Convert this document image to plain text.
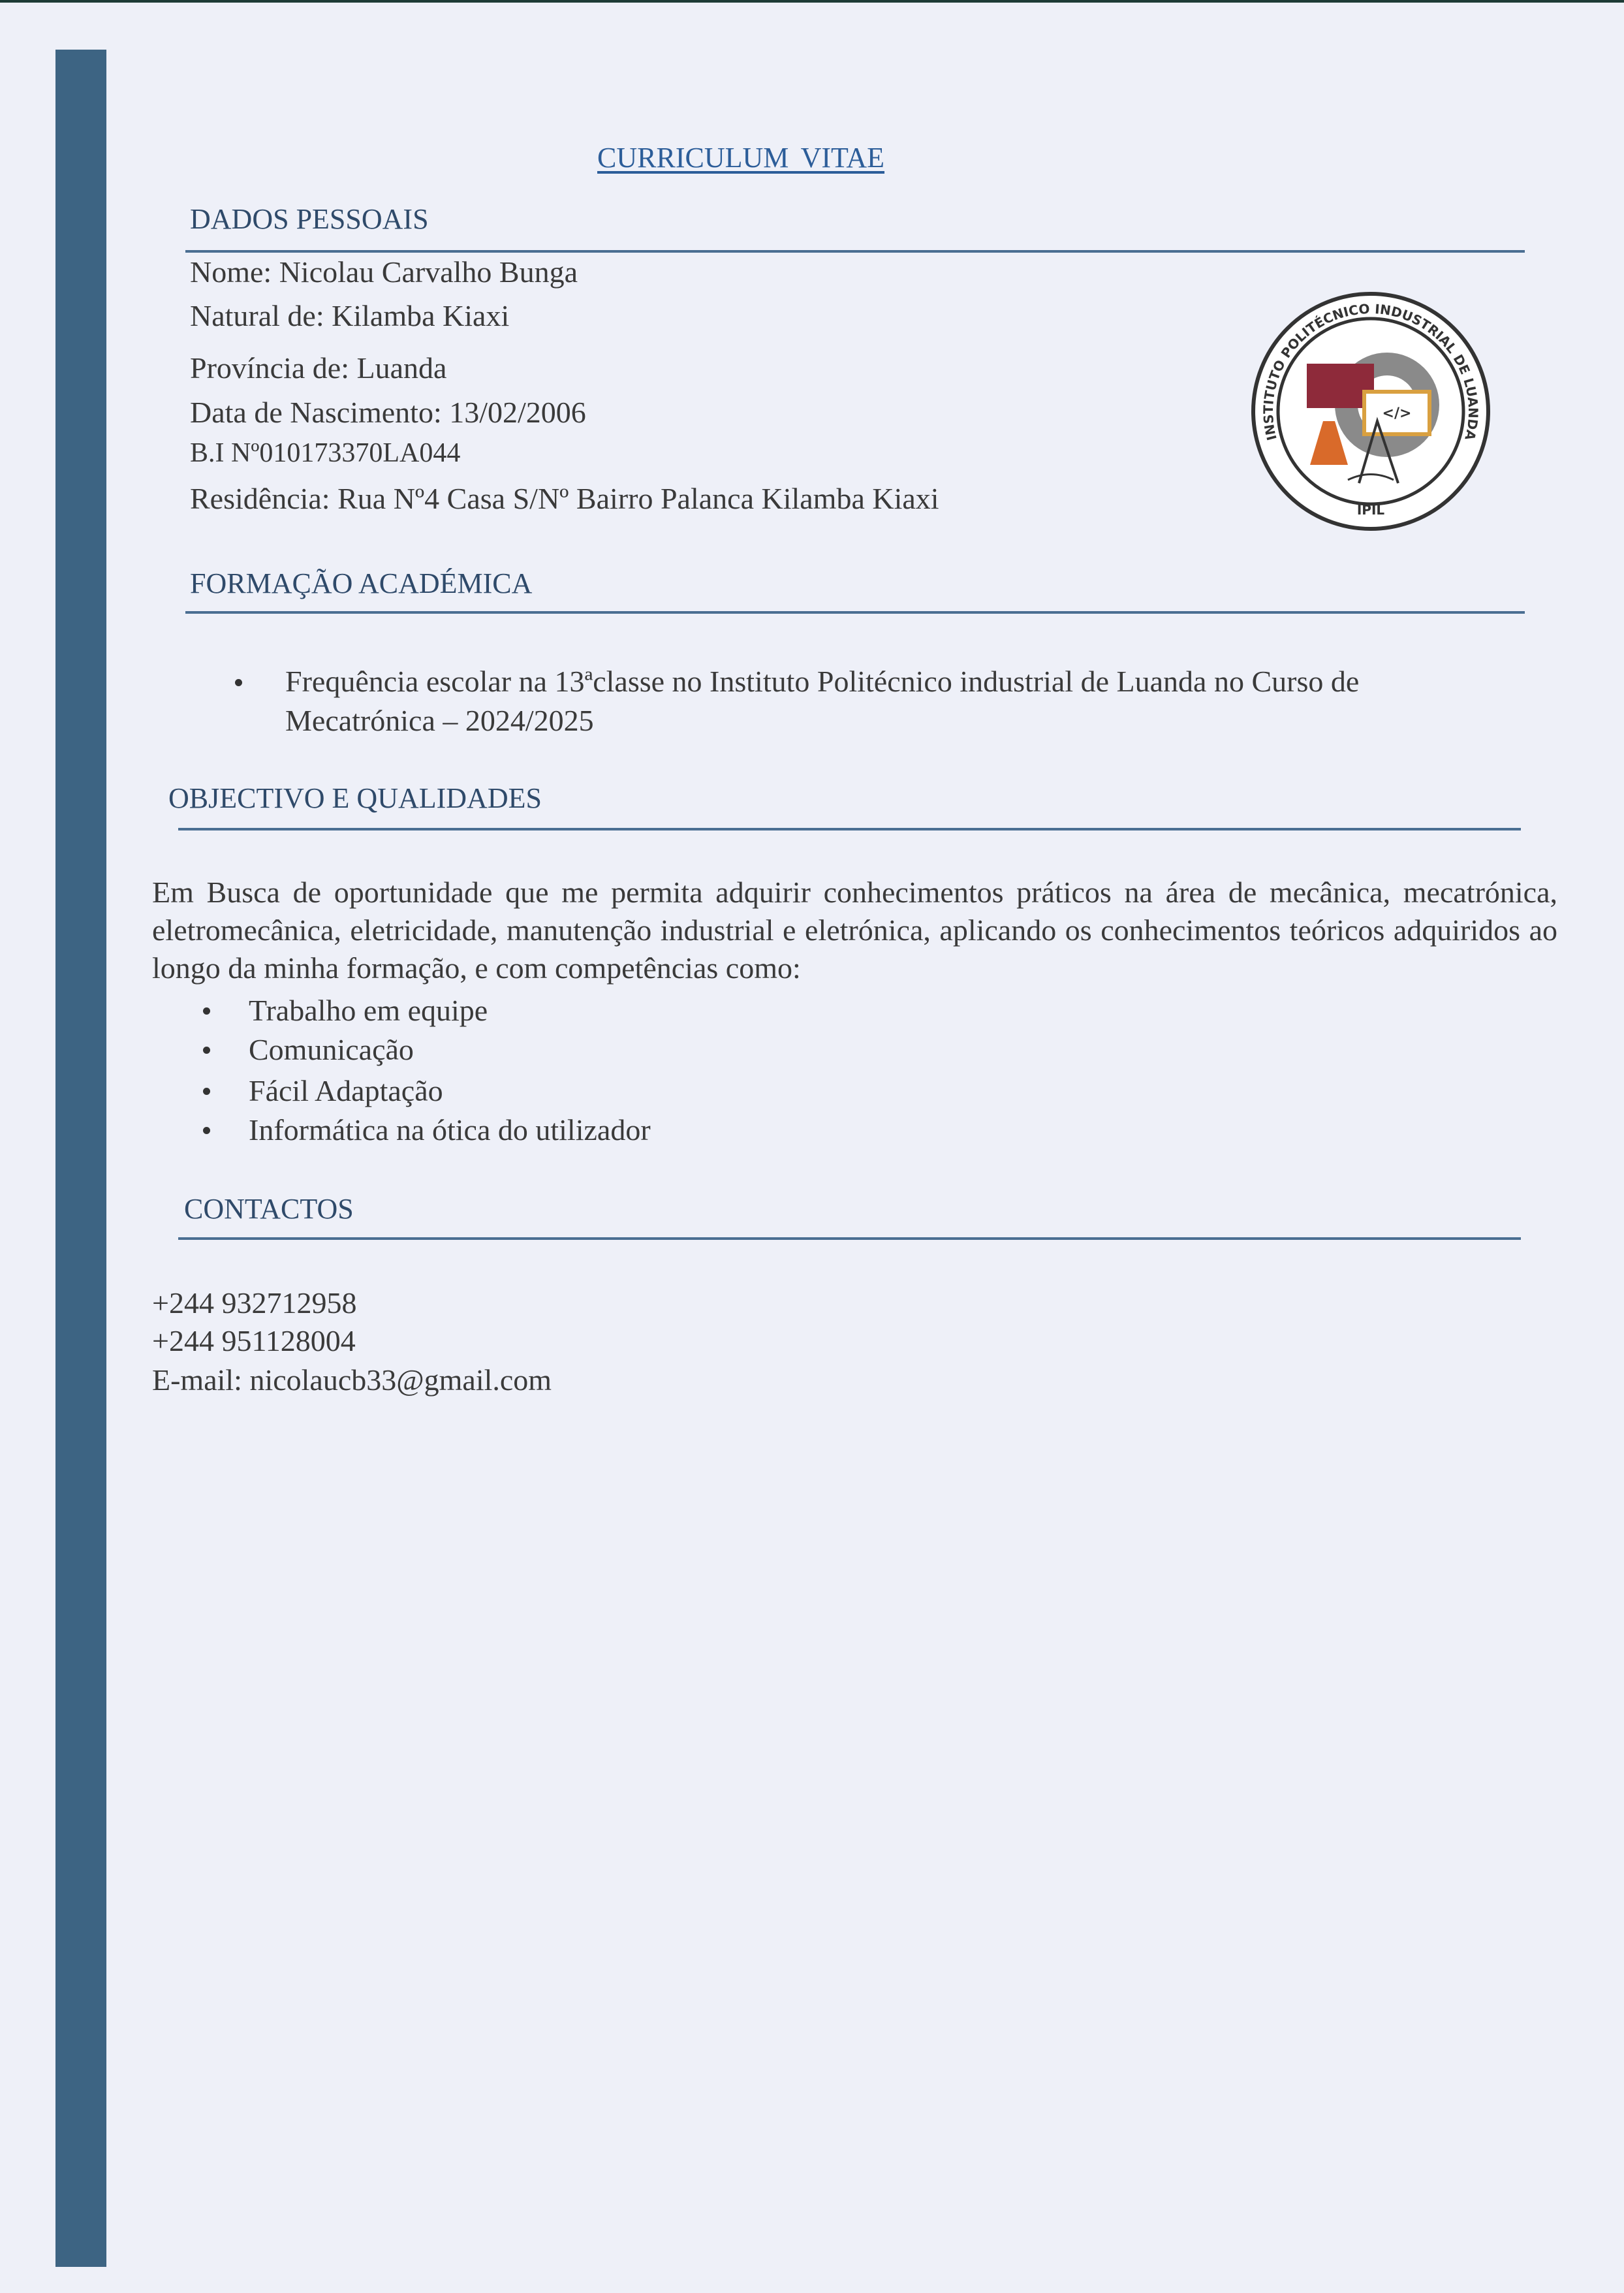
CURRICULUM VITAE
DADOS PESSOAIS
Nome: Nicolau Carvalho Bunga
Natural de: Kilamba Kiaxi
Província de: Luanda
Data de Nascimento: 13/02/2006
B.I Nº010173370LA044
Residência: Rua Nº4 Casa S/Nº Bairro Palanca Kilamba Kiaxi
</>
INSTITUTO POLITÉCNICO INDUSTRIAL DE LUANDA
IPIL
FORMAÇÃO ACADÉMICA
Frequência escolar na 13ªclasse no Instituto Politécnico industrial de Luanda no Curso de
Mecatrónica – 2024/2025
OBJECTIVO E QUALIDADES
Em Busca de oportunidade que me permita adquirir conhecimentos práticos na área de mecânica, mecatrónica, eletromecânica, eletricidade, manutenção industrial e eletrónica, aplicando os conhecimentos teóricos adquiridos ao longo da minha formação, e com competências como:
Trabalho em equipe
Comunicação
Fácil Adaptação
Informática na ótica do utilizador
CONTACTOS
+244 932712958
+244 951128004
E-mail: nicolaucb33@gmail.com
